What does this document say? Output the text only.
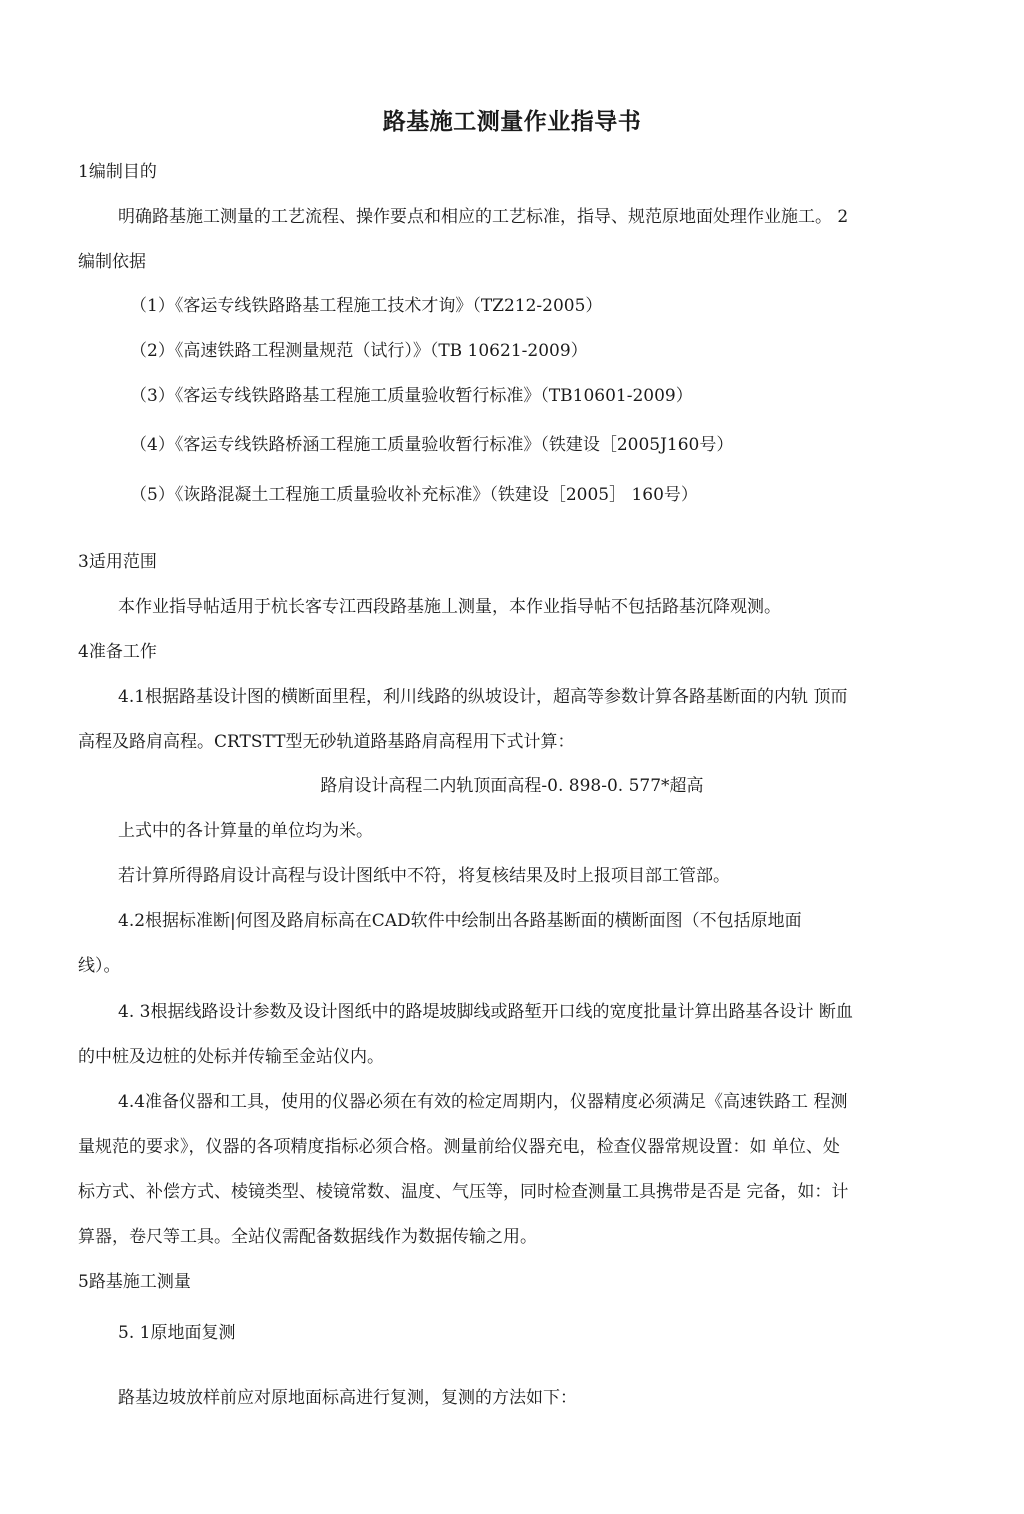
路基施工测量作业指导书

1编制目的

明确路基施工测量的工艺流程、操作要点和相应的工艺标准，指导、规范原地面处理作业施工。 2

编制依据

（1）《客运专线铁路路基工程施工技术才询》（TZ212-2005）

（2）《高速铁路工程测量规范（试行）》（TB 10621-2009）

（3）《客运专线铁路路基工程施工质量验收暂行标准》（TB10601-2009）

（4）《客运专线铁路桥涵工程施工质量验收暂行标准》（铁建设［2005J160号）

（5）《诙路混凝土工程施工质量验收补充标准》（铁建设［2005］ 160号）

3适用范围

本作业指导帖适用于杭长客专江西段路基施丄测量，本作业指导帖不包括路基沉降观测。

4准备工作

4.1根据路基设计图的横断面里程，利川线路的纵坡设计，超高等参数计算各路基断面的内轨 顶而

高程及路肩高程。CRTSTT型无砂轨道路基路肩高程用下式计算：

路肩设计高程二内轨顶面高程-0. 898-0. 577*超高

上式中的各计算量的单位均为米。

若计算所得路肩设计高程与设计图纸中不符，将复核结果及时上报项目部工管部。

4.2根据标准断|何图及路肩标高在CAD软件中绘制出各路基断面的横断面图（不包括原地面

线）。

4. 3根据线路设计参数及设计图纸中的路堤坡脚线或路堑开口线的宽度批量计算出路基各设计 断血

的中桩及边桩的处标并传输至金站仪内。

4.4准备仪器和工具，使用的仪器必须在有效的检定周期内，仪器精度必须满足《高速铁路工 程测

量规范的要求》，仪器的各项精度指标必须合格。测量前给仪器充电，检查仪器常规设置：如 单位、处

标方式、补偿方式、棱镜类型、棱镜常数、温度、气压等，同时检查测量工具携带是否是 完备，如：计

算器，卷尺等工具。全站仪需配备数据线作为数据传输之用。

5路基施工测量

5. 1原地面复测

路基边坡放样前应对原地面标高进行复测，复测的方法如下：
